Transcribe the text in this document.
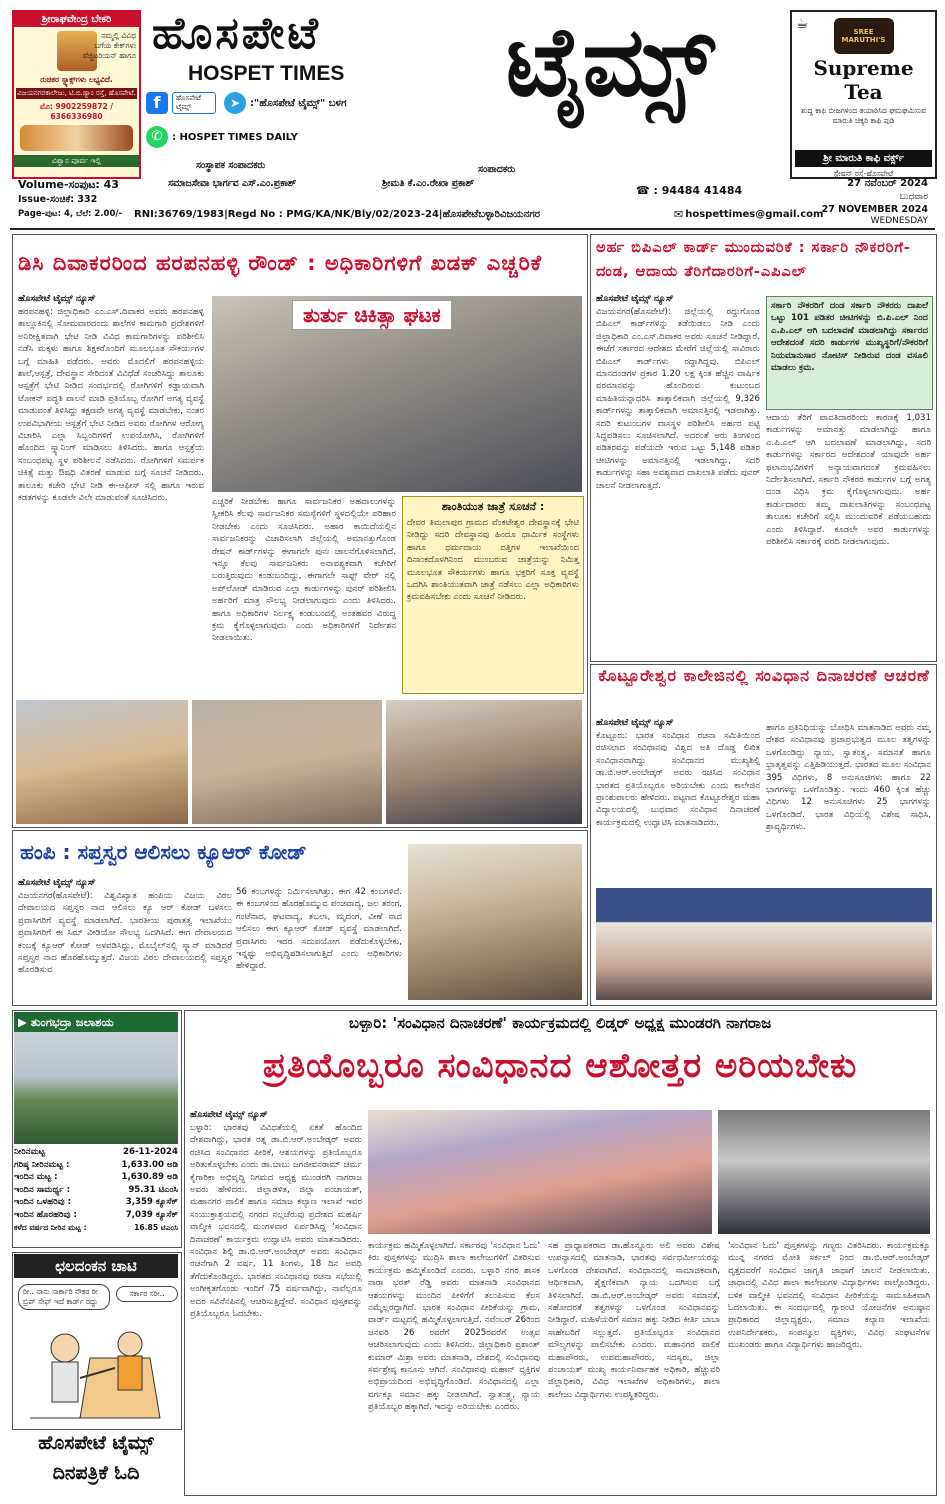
ಶ್ರೀರಾಘವೇಂದ್ರ ಬೇಕರಿ
ನಮ್ಮಲ್ಲಿ ವಿವಿಧ
ಬಗೆಯ ಕೇಕ್‌ಗಳು
ವೆಜ್ಜಿಟರಿಯನ್ ಹಾಗೂ
ರುಚಿಕರ ಸ್ನ್ಯಾಕ್ಸ್‌ಗಳು ಲಭ್ಯವಿದೆ.
ವಿಜಯನಗರಕಾಲೇಜು, ಟಿ.ಬಿ.ಡ್ಯಾಂ ರಸ್ತೆ, ಹೊಸಪೇಟೆ.
ಮೊ: 9902259872 / 6366336980
ವಿಶ್ವಾಸ ಪೂರ್ವ ಇಲ್ಲಿ
ಹೊಸಪೇಟೆ
HOSPET TIMES	ಟೈಮ್ಸ್
f	ಹೊಸಪೇಟೆ ಟೈಮ್ಸ್	➤ :"ಹೊಸಪೇಟೆ ಟೈಮ್ಸ್" ಬಳಗ
✆ : HOSPET TIMES DAILY
☕	SREE MARUTHI'S
Supreme Tea
ಶುದ್ಧ ಕಾಫಿ ಬೀಜಗಳಿಂದ ತಯಾರಿಸಿದ ಘಮಘಮಿಸುವ ಮಾರುತಿ ಚಿಕ್ಕರಿ ಕಾಫಿ ಪುಡಿ
ಶ್ರೀ ಮಾರುತಿ ಕಾಫಿ ವರ್ಕ್ಸ್
ಸ್ಟೇಷನ್ ರಸ್ತೆ-ಹೊಸಪೇಟೆ
ಸಂಸ್ಥಾಪಕ ಸಂಪಾದಕರು	ಸಂಪಾದಕರು
Volume-ಸಂಪುಟ: 43	ಸಮಾಜಸೇವಾ ಭಾರ್ಗವ ಎಸ್.ಎಂ.ಪ್ರಕಾಶ್	ಶ್ರೀಮತಿ ಕೆ.ಎಂ.ರೇಖಾ ಪ್ರಕಾಶ್
☎ : 94484 41484
27 ನವೆಂಬರ್ 2024
ಬುಧವಾರ
Issue-ಸಂಚಿಕೆ: 332
27 NOVEMBER 2024
Page-ಪುಟ: 4, ಬೆಲೆ: 2.00/- RNI:36769/1983|Regd No : PMG/KA/NK/Bly/02/2023-24|ಹೊಸಪೇಟೆಬಳ್ಳಾರಿವಿಜಯನಗರ	✉ hospettimes@gmail.com
WEDNESDAY
ಡಿಸಿ ದಿವಾಕರರಿಂದ ಹರಪನಹಳ್ಳಿ ರೌಂಡ್ : ಅಧಿಕಾರಿಗಳಿಗೆ ಖಡಕ್ ಎಚ್ಚರಿಕೆ
ಹೊಸಪೇಟೆ ಟೈಮ್ಸ್ ನ್ಯೂಸ್
ಹರಪನಹಳ್ಳಿ: ಜಿಲ್ಲಾಧಿಕಾರಿ ಎಂ.ಎಸ್.ದಿವಾಕರ ಅವರು ಹರಪನಹಳ್ಳಿ ತಾಲ್ಲೂಕಿನಲ್ಲಿ ಸೋಮವಾರದಂದು ಶಾಲೆಗಳ ಕಾಮಗಾರಿ ಪ್ರದೇಶಗಳಿಗೆ ಅನಿರೀಕ್ಷಿತವಾಗಿ ಭೇಟಿ ನೀಡಿ ವಿವಿಧ ಕಾಮಗಾರಿಗಳನ್ನು ಪರಿಶೀಲಿಸಿ ನಡೆಸಿ ಮಕ್ಕಳು ಹಾಗೂ ಶಿಕ್ಷಕರೊಂದಿಗೆ ಮೂಲಭೂತ ಸೌಕರ್ಯಗಳ ಬಗ್ಗೆ ಮಾಹಿತಿ ಪಡೆದರು. ಅವರು ಮೊದಲಿಗೆ ಹರಪನಹಳ್ಳಿಯ ಶಾಲೆ,ಆಸ್ಪತ್ರೆ, ದೇವಸ್ಥಾನ ಸೇರಿದಂತೆ ವಿವಿಧೆಡೆ ಸಂಚರಿಸಿದ್ದು ತಾಲೂಕು ಆಸ್ಪತ್ರೆಗೆ ಭೇಟಿ ನೀಡಿದ ಸಂದರ್ಭದಲ್ಲಿ ರೋಗಿಗಳಿಗೆ ಕಡ್ಡಾಯವಾಗಿ ಟೋಕನ್ ಪದ್ಧತಿ ಪಾಲನೆ ಮಾಡಿ ಪ್ರತಿಯೊಬ್ಬ ರೋಗಿಗೆ ಅಗತ್ಯ ವ್ಯವಸ್ಥೆ ಮಾಡುವಂತೆ ತಿಳಿಸಿದ್ದು ತಕ್ಷಣವೇ ಅಗತ್ಯ ವ್ಯವಸ್ಥೆ ಮಾಡಬೇಕು, ನಂತರ ಉಪವಿಭಾಗೀಯ ಆಸ್ಪತ್ರೆಗೆ ಭೇಟಿ ನೀಡಿದ ಅವರು ರೋಗಿಗಳ ಆರೋಗ್ಯ ವಿಚಾರಿಸಿ ಎಲ್ಲಾ ಸಿಬ್ಬಂದಿಗಳಿಗೆ ಉಪಯೋಗಿಸಿ, ರೋಗಿಗಳಿಗೆ ಹೊಂದಿದ ಸ್ಕ್ಯಾನಿಂಗ್ ಮಾಡಿಸಲು ತಿಳಿಸಿದರು. ಹಾಗೂ ಆಸ್ಪತ್ರೆಯ ಸಂಬಂಧಪಟ್ಟ ಸ್ಥಳ ಪರಿಶೀಲನೆ ನಡೆಸಿದರು. ರೋಗಿಗಳಿಗೆ ಸಮರ್ಪಕ ಚಿಕಿತ್ಸೆ ಮತ್ತು ಔಷಧಿ ವಿತರಣೆ ಮಾಡುವ ಬಗ್ಗೆ ಸೂಚನೆ ನೀಡಿದರು. ತಾಲೂಕು ಕಚೇರಿ ಭೇಟಿ ನೀಡಿ ಈ-ಆಫೀಸ್ ಸಲ್ಲಿ ಹಾಗೂ ಇರುವ ಕಡತಗಳನ್ನು ಕೂಡಲೇ ವಿಲೇ ಮಾಡುವಂತೆ ಸೂಚಿಸಿದರು.
ತುರ್ತು ಚಿಕಿತ್ಸಾ ಘಟಕ
ಎಚ್ಚರಿಕೆ ನೀಡಬೇಕು ಹಾಗೂ ಸಾರ್ವಜನಿಕರ ಅಹವಾಲುಗಳನ್ನು ಸ್ವೀಕರಿಸಿ ಕೆಲವು ಸಾರ್ವಜನಿಕರ ಸಮಸ್ಯೆಗಳಿಗೆ ಸ್ಥಳದಲ್ಲಿಯೇ ಪರಿಹಾರ ನೀಡಬೇಕು ಎಂದು ಸೂಚಿಸಿದರು. ಅಹಾರ ಕಾಯಿದೆಯಲ್ಲಿನ ಸಾರ್ವಜನಿಕರನ್ನು ವಿಚಾರಿಸಲಾಗಿ ಜಿಲ್ಲೆಯಲ್ಲಿ ಅಮಾನತ್ತುಗೊಂಡ ರೇಷನ್ ಕಾರ್ಡ್‌ಗಳನ್ನು ಈಗಾಗಲೇ ಪುನಃ ಚಾಲನೆಗೊಳಿಸಲಾಗಿದೆ. ಇನ್ನೂ ಕೆಲವು ಸಾರ್ವಜನಿಕರು ಅನಾವಶ್ಯಕವಾಗಿ ಕಚೇರಿಗೆ ಬರುತ್ತಿರುವುದು ಕಂಡುಬಂದಿದ್ದು, ಈಗಾಗಲೇ ಸಾಫ್ಟ್ ವೇರ್ ನಲ್ಲಿ ಅಪ್‌ಲೋಡ್ ಮಾಡಿರುವ ಎಲ್ಲಾ ಕಾರ್ಡುಗಳನ್ನು ಪುನರ್ ಪರಿಶೀಲಿಸಿ ಅರ್ಹರಿಗೆ ಮಾತ್ರ ಸೌಲಭ್ಯ ನೀಡಲಾಗುವುದು ಎಂದು ತಿಳಿಸಿದರು. ಹಾಗೂ ಅಧಿಕಾರಿಗಳ ನಿರ್ಲಕ್ಷ್ಯ ಕಂಡುಬಂದಲ್ಲಿ ಅಂತಹವರ ವಿರುದ್ಧ ಕ್ರಮ ಕೈಗೊಳ್ಳಲಾಗುವುದು ಎಂದು ಅಧಿಕಾರಿಗಳಿಗೆ ನಿರ್ದೇಶನ ನೀಡಲಾಯಿತು.
ಶಾಂತಿಯುತ ಜಾತ್ರೆ ಸೂಚನೆ :
ದೇವರ ತಿಮಲಾಪುರ ಗ್ರಾಮದ ವೆಂಕಟೇಶ್ವರ ದೇವಸ್ಥಾನಕ್ಕೆ ಭೇಟಿ ನೀಡಿದ್ದು ಸದರಿ ದೇವಸ್ಥಾನವು ಹಿಂದೂ ಧಾರ್ಮಿಕ ಸಂಸ್ಥೆಗಳು ಹಾಗೂ ಧರ್ಮದಾಯ ದತ್ತಿಗಳ ಇಲಾಖೆಯಿಂದ ದಿನಾಂಕದೊಳಗಿನಿಂದ ಮುಂಬರುವ ಜಾತ್ರೆಯನ್ನು ನಿಮಿತ್ತ ಮೂಲಭೂತ ಸೌಕರ್ಯಗಳು ಹಾಗೂ ಭಕ್ತರಿಗೆ ಸೂಕ್ತ ವ್ಯವಸ್ಥೆ ಒದಗಿಸಿ ಶಾಂತಿಯುತವಾಗಿ ಜಾತ್ರೆ ನಡೆಸಲು ಎಲ್ಲಾ ಅಧಿಕಾರಿಗಳು ಕ್ರಮವಹಿಸಬೇಕು ಎಂದು ಸೂಚನೆ ನೀಡಿದರು.
ಅರ್ಹ ಬಿಪಿಎಲ್ ಕಾರ್ಡ್ ಮುಂದುವರಿಕೆ : ಸರ್ಕಾರಿ ನೌಕರರಿಗೆ-ದಂಡ, ಆದಾಯ ತೆರಿಗೆದಾರರಿಗೆ-ಎಪಿಎಲ್
ಹೊಸಪೇಟೆ ಟೈಮ್ಸ್ ನ್ಯೂಸ್
ವಿಜಯನಗರ(ಹೊಸಪೇಟೆ): ಜಿಲ್ಲೆಯಲ್ಲಿ ರದ್ದುಗೊಂಡ ಬಿಪಿಎಲ್ ಕಾರ್ಡ್‌ಗಳನ್ನು ತಡೆಯಿಡಲು ನೀಡಿ ಎಂದು ಜಿಲ್ಲಾಧಿಕಾರಿ ಎಂ.ಎಸ್.ದಿವಾಕರ ಅವರು ಸೂಚನೆ ನೀಡಿದ್ದಾರೆ. ಈಚೆಗೆ ಸರ್ಕಾರದ ಆದೇಶದ ಮೇರೆಗೆ ಜಿಲ್ಲೆಯಲ್ಲಿ ಸಾವಿರಾರು ಬಿಪಿಎಲ್ ಕಾರ್ಡ್‌ಗಳು ರದ್ದಾಗಿದ್ದವು. ಬಿಪಿಎಲ್ ಮಾನದಂಡಗಳ ಪ್ರಕಾರ 1.20 ಲಕ್ಷ ಕ್ಕಿಂತ ಹೆಚ್ಚಿನ ವಾರ್ಷಿಕ ವರಮಾನವನ್ನು ಹೊಂದಿರುವ ಕುಟುಂಬದ ಮಾಹಿತಿಯನ್ನಾಧರಿಸಿ ತಾತ್ಕಾಲಿಕವಾಗಿ ಜಿಲ್ಲೆಯಲ್ಲಿ 9,326 ಕಾರ್ಡ್‌ಗಳನ್ನು ತಾತ್ಕಾಲಿಕವಾಗಿ ಅಮಾನತ್ತಿನಲ್ಲಿ ಇಡಲಾಗಿತ್ತು. ಸದರಿ ಕುಟುಂಬಗಳ ವಾಸಸ್ಥಳ ಪರಿಶೀಲಿಸಿ ಅರ್ಹರ ಪಟ್ಟಿ ಸಿದ್ಧಪಡಿಸಲು ಸೂಚಿಸಲಾಗಿದೆ. ಅದರಂತೆ ಅರು ತಿಂಗಳಿಂದ ಪಡಿತರವನ್ನು ಪಡೆಯದೇ ಇರುವ ಒಟ್ಟು 5,148 ಪಡಿತರ ಚೀಟಿಗಳನ್ನು ಅಮಾನತ್ತಿನಲ್ಲಿ ಇಡಲಾಗಿದ್ದು, ಸದರಿ ಕಾರ್ಡುಗಳನ್ನು ಸಹಾ ಅವಶ್ಯವಾದ ದಾಖಲಾತಿ ಪಡೆದು ಪುನರ್ ಚಾಲನೆ ನೀಡಲಾಗುತ್ತದೆ.
ಸರ್ಕಾರಿ ನೌಕರರಿಗೆ ದಂಡ ಸರ್ಕಾರಿ ನೌಕರರು ದಾಖಲೆ ಒಟ್ಟು 101 ಪಡಿತರ ಚೀಟಿಗಳನ್ನು ಬಿ.ಪಿ.ಎಲ್ ನಿಂದ ಎ.ಪಿ.ಎಲ್ ಆಗಿ ಬದಲಾವಣೆ ಮಾಡಲಾಗಿದ್ದು ಸರ್ಕಾರದ ಆದೇಶದಂತೆ ಸದರಿ ಕಾರ್ಡುಗಳ ಮುಖ್ಯಸ್ಥರಿಗೆ/ನೌಕರರಿಗೆ ನಿಯಮಾನುಸಾರ ನೋಟಿಸ್ ನೀಡಿರುವ ದಂಡ ವಸೂಲಿ ಮಾಡಲು ಕ್ರಮ.
ಆದಾಯ ತೆರಿಗೆ ಪಾವತಿದಾರರಿಂದು ಕಾರಣಕ್ಕೆ 1,031 ಕಾರ್ಡುಗಳನ್ನು ಅಮಾನತ್ತು ಮಾಡಲಾಗಿದ್ದು ಹಾಗೂ ಎ.ಪಿ.ಎಲ್ ಆಗಿ ಬದಲಾವಣೆ ಮಾಡಲಾಗಿದ್ದು, ಸದರಿ ಕಾರ್ಡುಗಳನ್ನು ಸರ್ಕಾರದ ಆದೇಶದಂತೆ ಯಾವುದೇ ಅರ್ಹ ಫಲಾನುಭವಿಗಳಿಗೆ ಅನ್ಯಾಯವಾಗದಂತೆ ಕ್ರಮವಹಿಸಲು ನಿರ್ದೇಶಿಸಲಾಗಿದೆ. ಸರ್ಕಾರಿ ನೌಕರರ ಕಾರ್ಡುಗಳ ಬಗ್ಗೆ ಅಗತ್ಯ ದಂಡ ವಿಧಿಸಿ ಕ್ರಮ ಕೈಗೊಳ್ಳಲಾಗುವುದು. ಅರ್ಹ ಕಾರ್ಡುದಾರರು ತಮ್ಮ ದಾಖಲಾತಿಗಳನ್ನು ಸಂಬಂಧಪಟ್ಟ ತಾಲೂಕು ಕಚೇರಿಗೆ ಸಲ್ಲಿಸಿ ಮುಂದುವರಿಕೆ ಪಡೆಯಬಹುದು ಎಂದು ತಿಳಿಸಿದ್ದಾರೆ. ಕೂಡಲೇ ಅವರ ಕಾರ್ಡುಗಳನ್ನು ಪರಿಶೀಲಿಸಿ ಸರ್ಕಾರಕ್ಕೆ ವರದಿ ನೀಡಲಾಗುವುದು.
ಕೊಟ್ಟೂರೇಶ್ವರ ಕಾಲೇಜಿನಲ್ಲಿ ಸಂವಿಧಾನ ದಿನಾಚರಣೆ ಆಚರಣೆ
ಹೊಸಪೇಟೆ ಟೈಮ್ಸ್ ನ್ಯೂಸ್
ಕೊಟ್ಟೂರು: ಭಾರತ ಸಂವಿಧಾನ ರಚನಾ ಸಮಿತಿಯಿಂದ ರಚಿಸಲಾದ ಸಂವಿಧಾನವು ವಿಶ್ವದ ಅತಿ ದೊಡ್ಡ ಲಿಖಿತ ಸಂವಿಧಾನವಾಗಿದ್ದು ಸಂವಿಧಾನದ ಮುಖ್ಯಶಿಲ್ಪಿ ಡಾ.ಬಿ.ಆರ್.ಅಂಬೇಡ್ಕರ್ ಅವರು ರಚಿಸಿದ ಸಂವಿಧಾನ ಭಾರತದ ಪ್ರತಿಯೊಬ್ಬರೂ ಅರಿಯಬೇಕು ಎಂದು ಕಾಲೇಜಿನ ಪ್ರಾಂಶುಪಾಲರು ಹೇಳಿದರು. ಪಟ್ಟಣದ ಕೊಟ್ಟೂರೇಶ್ವರ ಮಹಾ ವಿದ್ಯಾಲಯದಲ್ಲಿ ಬುಧವಾರ ಸಂವಿಧಾನ ದಿನಾಚರಣೆ ಕಾರ್ಯಕ್ರಮದಲ್ಲಿ ಉದ್ಘಾಟಿಸಿ ಮಾತನಾಡಿದರು.
ಹಾಗೂ ಪ್ರತಿನಿಧಿಯನ್ನು ಬೋಧಿಸಿ ಮಾತನಾಡಿದ ಅವರು ನಮ್ಮ ದೇಶದ ಸಂವಿಧಾನವು ಪ್ರಜಾಪ್ರಭುತ್ವದ ಮೂಲ ತತ್ವಗಳನ್ನು ಒಳಗೊಂಡಿದ್ದು ನ್ಯಾಯ, ಸ್ವಾತಂತ್ರ್ಯ, ಸಮಾನತೆ ಹಾಗೂ ಭ್ರಾತೃತ್ವವನ್ನು ಎತ್ತಿಹಿಡಿಯುತ್ತದೆ. ಭಾರತದ ಮೂಲ ಸಂವಿಧಾನ 395 ವಿಧಿಗಳು, 8 ಅನುಸೂಚಿಗಳು ಹಾಗೂ 22 ಭಾಗಗಳನ್ನು ಒಳಗೊಂಡಿತ್ತು. ಇಂದು 460 ಕ್ಕಿಂತ ಹೆಚ್ಚು ವಿಧಿಗಳು 12 ಅನುಸೂಚಿಗಳು 25 ಭಾಗಗಳನ್ನು ಒಳಗೊಂಡಿದೆ. ಭಾರತ ವಿಧಿಯಲ್ಲಿ ವಿಶೇಷ ಸಾಧಿಸಿ, ಶ್ರಾವ್ಯರ್ಥಿಗಳು.
ಹಂಪಿ : ಸಪ್ತಸ್ವರ ಆಲಿಸಲು ಕ್ಯೂಆರ್ ಕೋಡ್
ಹೊಸಪೇಟೆ ಟೈಮ್ಸ್ ನ್ಯೂಸ್
ವಿಜಯನಗರ(ಹೊಸಪೇಟೆ): ವಿಶ್ವವಿಖ್ಯಾತ ಹಂಪಿಯ ವಿಜಯ ವಿಠಲ ದೇವಾಲಯದ ಸಪ್ತಸ್ವರ ನಾದ ಆಲಿಸಲು ಕ್ಯೂ ಆರ್ ಕೋಡ್ ಬಳಸಲು ಪ್ರವಾಸಿಗರಿಗೆ ವ್ಯವಸ್ಥೆ ಮಾಡಲಾಗಿದೆ. ಭಾರತೀಯ ಪುರಾತತ್ವ ಇಲಾಖೆಯು ಪ್ರವಾಸಿಗರಿಗೆ ಈ ಸಿಮ್ ವೀಡಿಯೋ ಸೌಲಭ್ಯ ಒದಗಿಸಿದೆ. ಈಗ ದೇವಾಲಯದ ಕಂಬಕ್ಕೆ ಕ್ಯೂಆರ್ ಕೋಡ್ ಅಳವಡಿಸಿದ್ದು, ಮೊಬೈಲ್‌ನಲ್ಲಿ ಸ್ಕ್ಯಾನ್ ಮಾಡಿದರೆ ಸಪ್ತಸ್ವರ ನಾದ ಹೊರಹೊಮ್ಮುತ್ತದೆ. ವಿಜಯ ವಿಠಲ ದೇವಾಲಯದಲ್ಲಿ ಸಪ್ತಸ್ವರ ಹೊರಡಿಸುವ
56 ಕಂಬಗಳನ್ನು ನಿರ್ಮಿಸಲಾಗಿತ್ತು. ಈಗ 42 ಕಂಬಗಳಿವೆ. ಈ ಕಂಬಗಳಿಂದ ಹೊರಹೊಮ್ಮುವ ಪಂಚವಾದ್ಯ, ಜಲ ತರಂಗ, ಗಂಟೆನಾದ, ಘಟವಾದ್ಯ, ತಬಲಾ, ಮೃದಂಗ, ವೀಣೆ ನಾದ ಆಲಿಸಲು ಈಗ ಕ್ಯೂಆರ್ ಕೋಡ್ ವ್ಯವಸ್ಥೆ ಮಾಡಲಾಗಿದೆ. ಪ್ರವಾಸಿಗರು ಇದರ ಸದುಪಯೋಗ ಪಡೆದುಕೊಳ್ಳಬೇಕು, ಇನ್ನಷ್ಟು ಅಭಿವೃದ್ಧಿಪಡಿಸಲಾಗುತ್ತಿದೆ ಎಂದು ಅಧಿಕಾರಿಗಳು ಹೇಳಿದ್ದಾರೆ.
▶ ತುಂಗಭದ್ರಾ ಜಲಾಶಯ
ನೀರಿನಮಟ್ಟ	26-11-2024
ಗರಿಷ್ಠ ನೀರಿನಮಟ್ಟ :	1,633.00 ಅಡಿ
ಇಂದಿನ ಮಟ್ಟ :	1,630.89 ಅಡಿ
ಇಂದಿನ ಸಾಮರ್ಥ್ಯ :	95.31 ಟಿಎಂಸಿ
ಇಂದಿನ ಒಳಹರಿವು :	3,359 ಕ್ಯೂಸೆಕ್
ಇಂದಿನ ಹೊರಹರಿವು :	7,039 ಕ್ಯೂಸೆಕ್
ಕಳೆದ ವರ್ಷದ ನೀರಿನ ಮಟ್ಟ :	16.85 ಟಿಎಂಸಿ
ಛಲದಂಕನ ಚಾಟಿ
ರೀ.. ನಾನು ಸಾರ್ಕಾರಿ ನೌಕರ ರೀ ಬ್ರಿಪ್ ಸೇಫ್ ಇದೆ ಕಾರ್ಡ್ ರದ್ದು
ಸರ್ಕಾರ ಸರೀ..
ಹೊಸಪೇಟೆ ಟೈಮ್ಸ್
ದಿನಪತ್ರಿಕೆ ಓದಿ
ಬಳ್ಳಾರಿ: 'ಸಂವಿಧಾನ ದಿನಾಚರಣೆ' ಕಾರ್ಯಕ್ರಮದಲ್ಲಿ ಲಿಡ್ಕರ್ ಅಧ್ಯಕ್ಷ ಮುಂಡರಗಿ ನಾಗರಾಜ
ಪ್ರತಿಯೊಬ್ಬರೂ ಸಂವಿಧಾನದ ಆಶೋತ್ತರ ಅರಿಯಬೇಕು
ಹೊಸಪೇಟೆ ಟೈಮ್ಸ್ ನ್ಯೂಸ್
ಬಳ್ಳಾರಿ: ಭಾರತವು ವಿವಿಧತೆಯಲ್ಲಿ ಏಕತೆ ಹೊಂದಿದ ದೇಶವಾಗಿದ್ದು, ಭಾರತ ರತ್ನ ಡಾ.ಬಿ.ಆರ್.ಅಂಬೇಡ್ಕರ್ ಅವರು ರಚಿಸಿದ ಸಂವಿಧಾನದ ಪೀಠಿಕೆ, ಆಶಯಗಳನ್ನು ಪ್ರತಿಯೊಬ್ಬರೂ ಅರಿತುಕೊಳ್ಳಬೇಕು ಎಂದು ಡಾ.ಬಾಬು ಜಗಜೀವನರಾಮ್ ಚರ್ಮ ಕೈಗಾರಿಕಾ ಅಭಿವೃದ್ಧಿ ನಿಗಮದ ಅಧ್ಯಕ್ಷ ಮುಂಡರಗಿ ನಾಗರಾಜ ಅವರು ಹೇಳಿದರು. ಜಿಲ್ಲಾಡಳಿತ, ಜಿಲ್ಲಾ ಪಂಚಾಯತ್, ಮಹಾನಗರ ಪಾಲಿಕೆ ಹಾಗೂ ಸಮಾಜ ಕಲ್ಯಾಣ ಇಲಾಖೆ ಇವರ ಸಂಯುಕ್ತಾಶ್ರಯದಲ್ಲಿ ನಗರದ ನಲ್ಲಚೆರುವು ಪ್ರದೇಶದ ಮಹರ್ಷಿ ವಾಲ್ಮೀಕಿ ಭವನದಲ್ಲಿ ಮಂಗಳವಾರ ಏರ್ಪಡಿಸಿದ್ದ 'ಸಂವಿಧಾನ ದಿನಾಚರಣೆ' ಕಾರ್ಯಕ್ರಮ ಉದ್ಘಾಟಿಸಿ ಅವರು ಮಾತನಾಡಿದರು. ಸಂವಿಧಾನ ಶಿಲ್ಪಿ ಡಾ.ಬಿ.ಆರ್.ಅಂಬೇಡ್ಕರ್ ಅವರು ಸಂವಿಧಾನ ರಚನೆಗಾಗಿ 2 ವರ್ಷ, 11 ತಿಂಗಳು, 18 ದಿನ ಅವಧಿ ತೆಗೆದುಕೊಂಡಿದ್ದರು. ಭಾರತದ ಸಂವಿಧಾನವು ರಚನಾ ಸಭೆಯಲ್ಲಿ ಅಂಗೀಕೃತಗೊಂಡು ಇಂದಿಗೆ 75 ವರ್ಷವಾಗಿದ್ದು, ನಾವೆಲ್ಲರೂ ಅದರ ಸವಿನೆನಪಿನಲ್ಲಿ ಆಚರಿಸುತ್ತಿದ್ದೇವೆ. ಸಂವಿಧಾನ ಪುಸ್ತಕವನ್ನು ಪ್ರತಿಯೊಬ್ಬರೂ ಓದಬೇಕು.
ಕಾರ್ಯಕ್ರಮ ಹಮ್ಮಿಕೊಳ್ಳಲಾಗಿದೆ. ಸರ್ಕಾರವು 'ಸಂವಿಧಾನ ಓದು' ಕಿರು ಪುಸ್ತಕಗಳನ್ನು ಮುದ್ರಿಸಿ ಶಾಲಾ ಕಾಲೇಜುಗಳಿಗೆ ವಿತರಿಸುವ ಕಾರ್ಯಕ್ರಮ ಹಮ್ಮಿಕೊಂಡಿದೆ ಎಂದರು. ಬಳ್ಳಾರಿ ನಗರ ಶಾಸಕ ನಾರಾ ಭರತ್ ರೆಡ್ಡಿ ಅವರು ಮಾತನಾಡಿ ಸಂವಿಧಾನದ ಆಶಯಗಳನ್ನು ಮುಂದಿನ ಪೀಳಿಗೆಗೆ ತಲುಪಿಸುವ ಕೆಲಸ ನಮ್ಮೆಲ್ಲರದ್ದಾಗಿದೆ. ಭಾರತ ಸಂವಿಧಾನ ಪೀಠಿಕೆಯನ್ನು ಗ್ರಾಮ, ವಾರ್ಡ್ ಮಟ್ಟದಲ್ಲಿ ಹಮ್ಮಿಕೊಳ್ಳಲಾಗುತ್ತಿದೆ. ನವೆಂಬರ್ 26ರಿಂದ ಜನವರಿ 26 ರವರೆಗೆ 2025ರವರೆಗೆ ಉತ್ಸವ ಆಚರಿಸಲಾಗುವುದು ಎಂದು ತಿಳಿಸಿದರು. ಜಿಲ್ಲಾಧಿಕಾರಿ ಪ್ರಶಾಂತ್ ಕುಮಾರ್ ಮಿಶ್ರಾ ಅವರು ಮಾತನಾಡಿ, ದೇಶದಲ್ಲಿ ಸಂವಿಧಾನವು ಸರ್ವಶ್ರೇಷ್ಠ ಕಾನೂನು ಆಗಿದೆ. ಸಂವಿಧಾನವು ಮಹಾನ್ ವ್ಯಕ್ತಿಗಳ ಅಭಿಪ್ರಾಯದಿಂದ ಅಭಿವೃದ್ಧಿಗೊಂಡಿದೆ. ಸಂವಿಧಾನದಲ್ಲಿ ಎಲ್ಲಾ ವರ್ಗಕ್ಕೂ ಸಮಾನ ಹಕ್ಕು ನೀಡಲಾಗಿದೆ. ಸ್ವಾತಂತ್ರ್ಯ, ನ್ಯಾಯ ಪ್ರತಿಯೊಬ್ಬರ ಹಕ್ಕಾಗಿದೆ. ಇದನ್ನು ಅರಿಯಬೇಕು ಎಂದರು.
ಸಹ ಪ್ರಾಧ್ಯಾಪಕರಾದ ಡಾ.ಹೊನ್ನೂರು ಅಲಿ ಅವರು ವಿಶೇಷ ಉಪನ್ಯಾಸದಲ್ಲಿ ಮಾತನಾಡಿ, ಭಾರತವು ಸರ್ವಧರ್ಮೀಯರನ್ನು ಒಳಗೊಂಡ ದೇಶವಾಗಿದೆ. ಸಂವಿಧಾನದಲ್ಲಿ ಸಾಮಾಜಿಕವಾಗಿ, ಆರ್ಥಿಕವಾಗಿ, ಶೈಕ್ಷಣಿಕವಾಗಿ ನ್ಯಾಯ ಒದಗಿಸುವ ಬಗ್ಗೆ ತಿಳಿಸಲಾಗಿದೆ. ಡಾ.ಬಿ.ಆರ್.ಅಂಬೇಡ್ಕರ್ ಅವರು ಸಮಾನತೆ, ಸಹೋದರತೆ ತತ್ವಗಳನ್ನು ಒಳಗೊಂಡ ಸಂವಿಧಾನವನ್ನು ನೀಡಿದ್ದಾರೆ. ಮಹಿಳೆಯರಿಗೆ ಸಮಾನ ಹಕ್ಕು ನೀಡಿದ ಕೀರ್ತಿ ಬಾಬಾ ಸಾಹೇಬರಿಗೆ ಸಲ್ಲುತ್ತದೆ. ಪ್ರತಿಯೊಬ್ಬರೂ ಸಂವಿಧಾನದ ಮೌಲ್ಯಗಳನ್ನು ಪಾಲಿಸಬೇಕು ಎಂದರು. ಮಹಾನಗರ ಪಾಲಿಕೆ ಮಹಾಪೌರರು, ಉಪಮಹಾಪೌರರು, ಸದಸ್ಯರು, ಜಿಲ್ಲಾ ಪಂಚಾಯತ್ ಮುಖ್ಯ ಕಾರ್ಯನಿರ್ವಾಹಕ ಅಧಿಕಾರಿ, ಹೆಚ್ಚುವರಿ ಜಿಲ್ಲಾಧಿಕಾರಿ, ವಿವಿಧ ಇಲಾಖೆಗಳ ಅಧಿಕಾರಿಗಳು, ಶಾಲಾ ಕಾಲೇಜು ವಿದ್ಯಾರ್ಥಿಗಳು ಉಪಸ್ಥಿತರಿದ್ದರು.
'ಸಂವಿಧಾನ ಓದು' ಪುಸ್ತಕಗಳನ್ನು ಗಣ್ಯರು ವಿತರಿಸಿದರು. ಕಾರ್ಯಕ್ರಮಕ್ಕೂ ಮುನ್ನ ನಗರದ ಮೋತಿ ಸರ್ಕಲ್ ನಿಂದ ಡಾ.ಬಿ.ಆರ್.ಅಂಬೇಡ್ಕರ್ ವೃತ್ತದವರೆಗೆ ಸಂವಿಧಾನ ಜಾಗೃತಿ ಜಾಥಾಗೆ ಚಾಲನೆ ನೀಡಲಾಯಿತು. ಜಾಥಾದಲ್ಲಿ ವಿವಿಧ ಶಾಲಾ ಕಾಲೇಜುಗಳ ವಿದ್ಯಾರ್ಥಿಗಳು ಪಾಲ್ಗೊಂಡಿದ್ದರು. ಬಳಿಕ ವಾಲ್ಮೀಕಿ ಭವನದಲ್ಲಿ ಸಂವಿಧಾನ ಪೀಠಿಕೆಯನ್ನು ಸಾಮೂಹಿಕವಾಗಿ ಓದಲಾಯಿತು. ಈ ಸಂದರ್ಭದಲ್ಲಿ ಗ್ಯಾರಂಟಿ ಯೋಜನೆಗಳ ಅನುಷ್ಠಾನ ಪ್ರಾಧಿಕಾರದ ಜಿಲ್ಲಾಧ್ಯಕ್ಷರು, ಸಮಾಜ ಕಲ್ಯಾಣ ಇಲಾಖೆಯ ಉಪನಿರ್ದೇಶಕರು, ಸಂಪನ್ಮೂಲ ವ್ಯಕ್ತಿಗಳು, ವಿವಿಧ ಸಂಘಟನೆಗಳ ಮುಖಂಡರು ಹಾಗೂ ವಿದ್ಯಾರ್ಥಿಗಳು ಹಾಜರಿದ್ದರು.
